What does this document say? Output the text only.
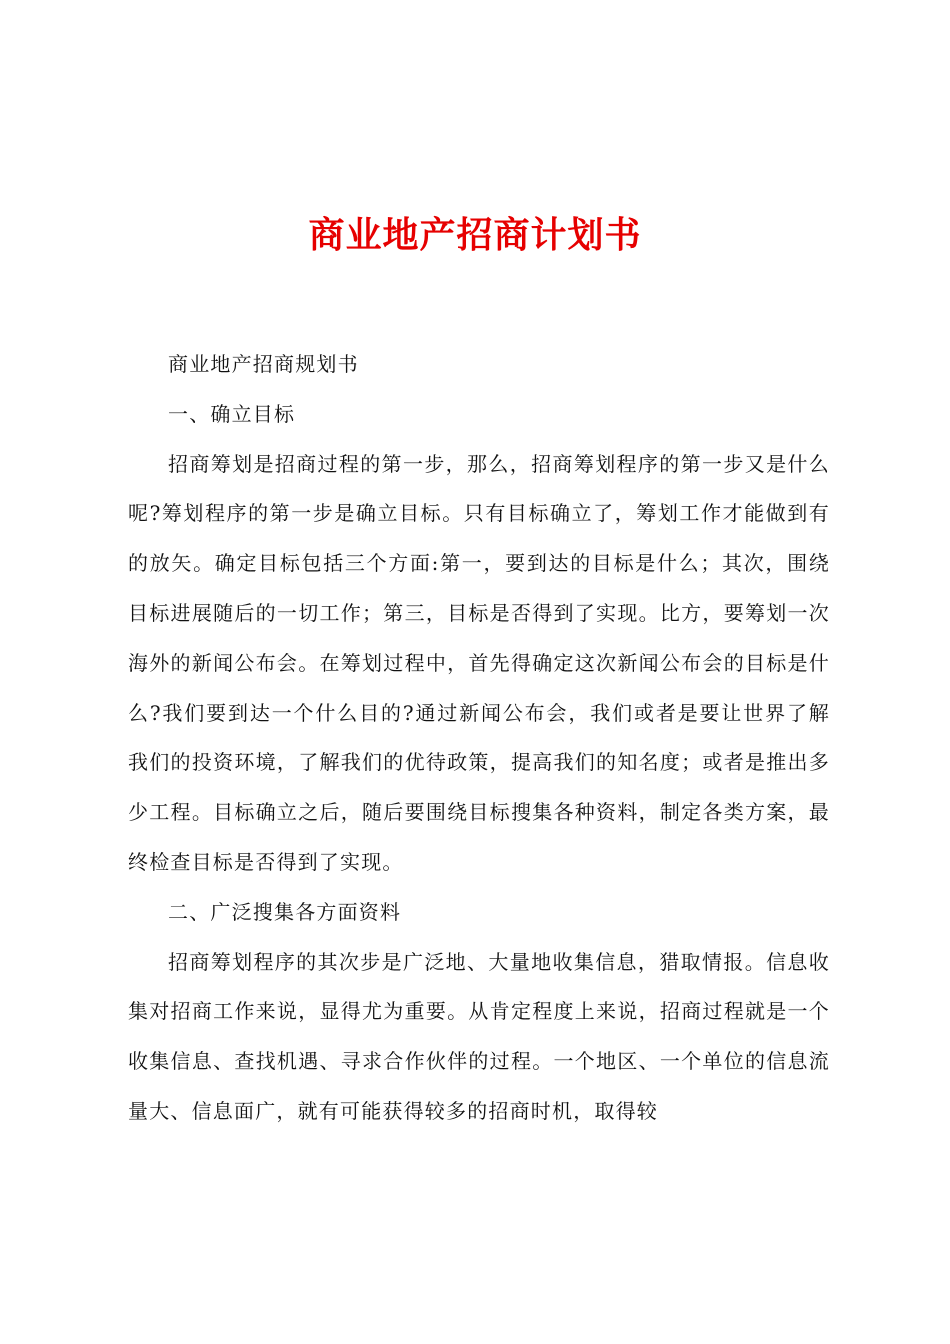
商业地产招商计划书

商业地产招商规划书

一、确立目标

招商筹划是招商过程的第一步，那么，招商筹划程序的第一步又是什么呢?筹划程序的第一步是确立目标。只有目标确立了，筹划工作才能做到有的放矢。确定目标包括三个方面:第一，要到达的目标是什么；其次，围绕目标进展随后的一切工作；第三，目标是否得到了实现。比方，要筹划一次海外的新闻公布会。在筹划过程中，首先得确定这次新闻公布会的目标是什么?我们要到达一个什么目的?通过新闻公布会，我们或者是要让世界了解我们的投资环境，了解我们的优待政策，提高我们的知名度；或者是推出多少工程。目标确立之后，随后要围绕目标搜集各种资料，制定各类方案，最终检查目标是否得到了实现。

二、广泛搜集各方面资料

招商筹划程序的其次步是广泛地、大量地收集信息，猎取情报。信息收集对招商工作来说，显得尤为重要。从肯定程度上来说，招商过程就是一个收集信息、查找机遇、寻求合作伙伴的过程。一个地区、一个单位的信息流量大、信息面广，就有可能获得较多的招商时机，取得较
